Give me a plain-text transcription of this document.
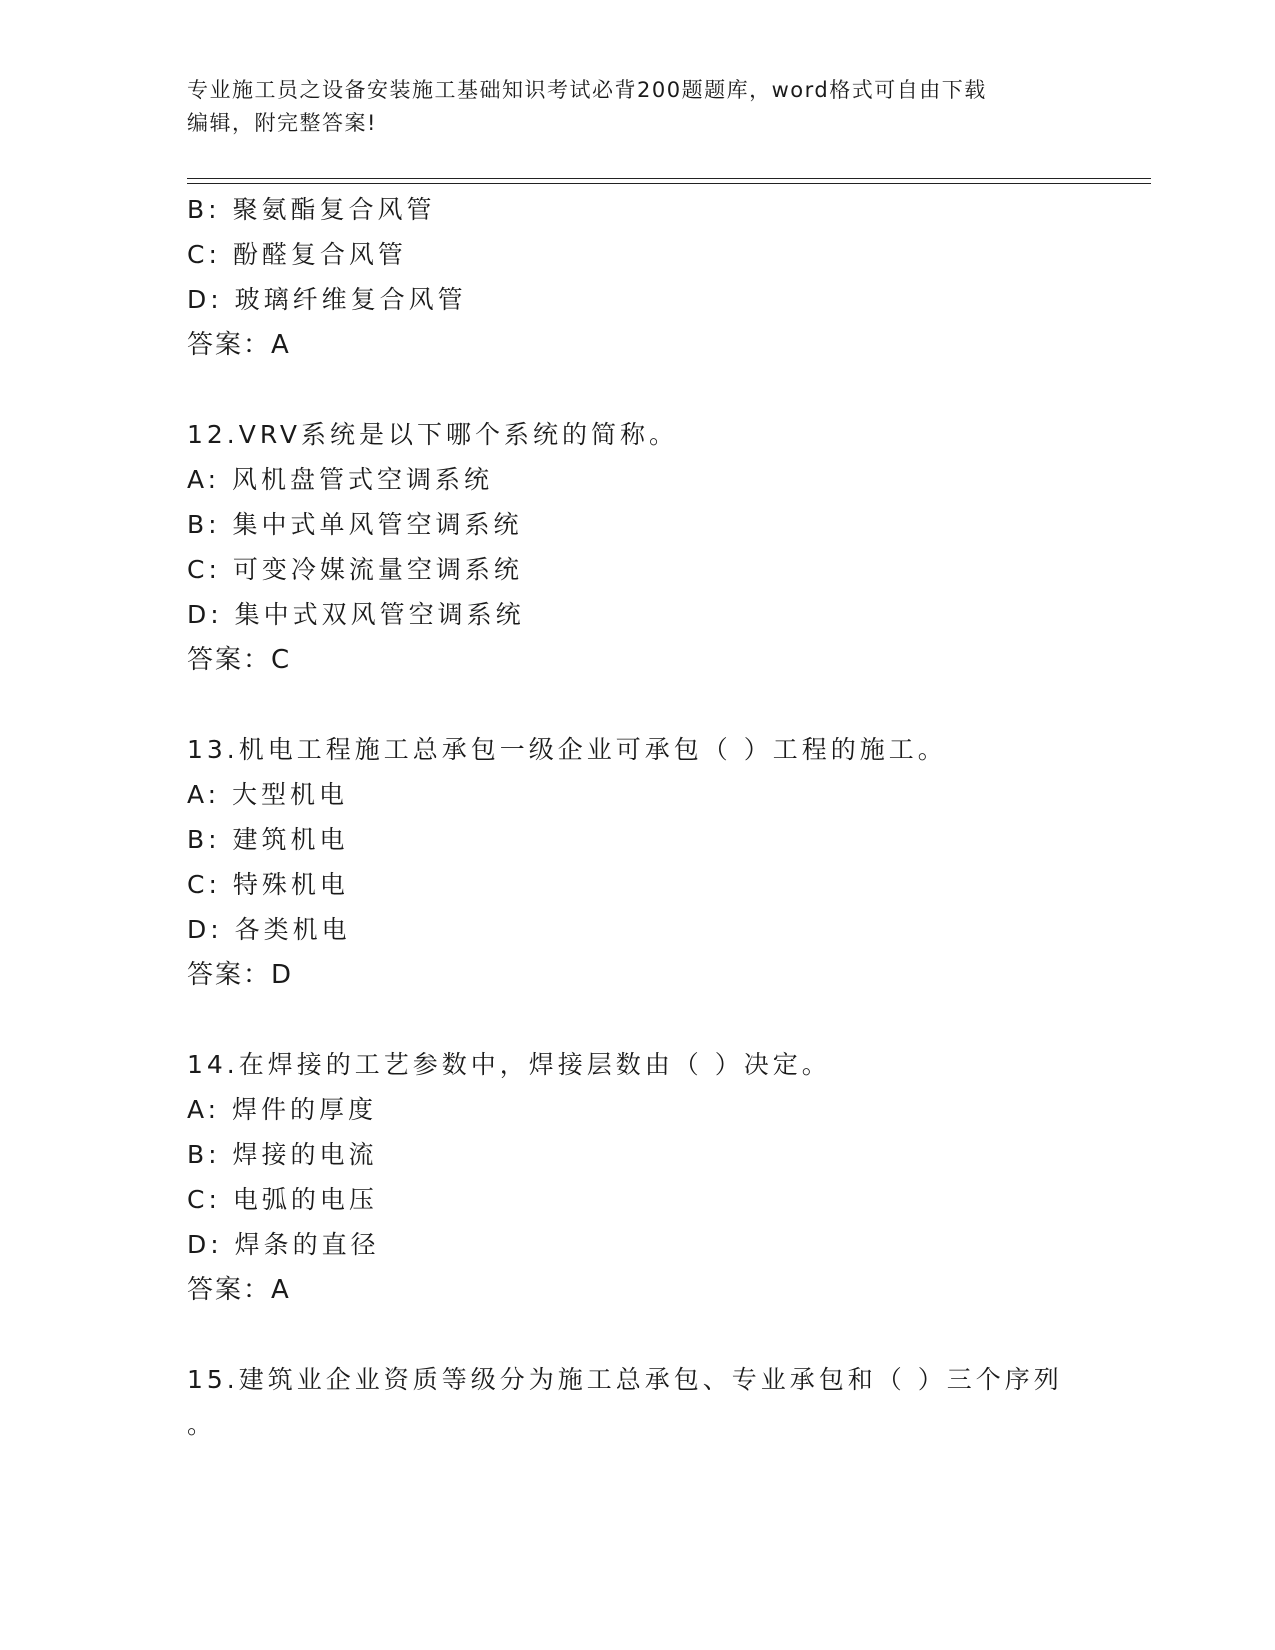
专业施工员之设备安装施工基础知识考试必背200题题库，word格式可自由下载
编辑，附完整答案!
B: 聚氨酯复合风管
C: 酚醛复合风管
D: 玻璃纤维复合风管
答案：A
12.VRV系统是以下哪个系统的简称。
A: 风机盘管式空调系统
B: 集中式单风管空调系统
C: 可变冷媒流量空调系统
D: 集中式双风管空调系统
答案：C
13.机电工程施工总承包一级企业可承包（ ）工程的施工。
A: 大型机电
B: 建筑机电
C: 特殊机电
D: 各类机电
答案：D
14.在焊接的工艺参数中，焊接层数由（ ）决定。
A: 焊件的厚度
B: 焊接的电流
C: 电弧的电压
D: 焊条的直径
答案：A
15.建筑业企业资质等级分为施工总承包、专业承包和（ ）三个序列
。
